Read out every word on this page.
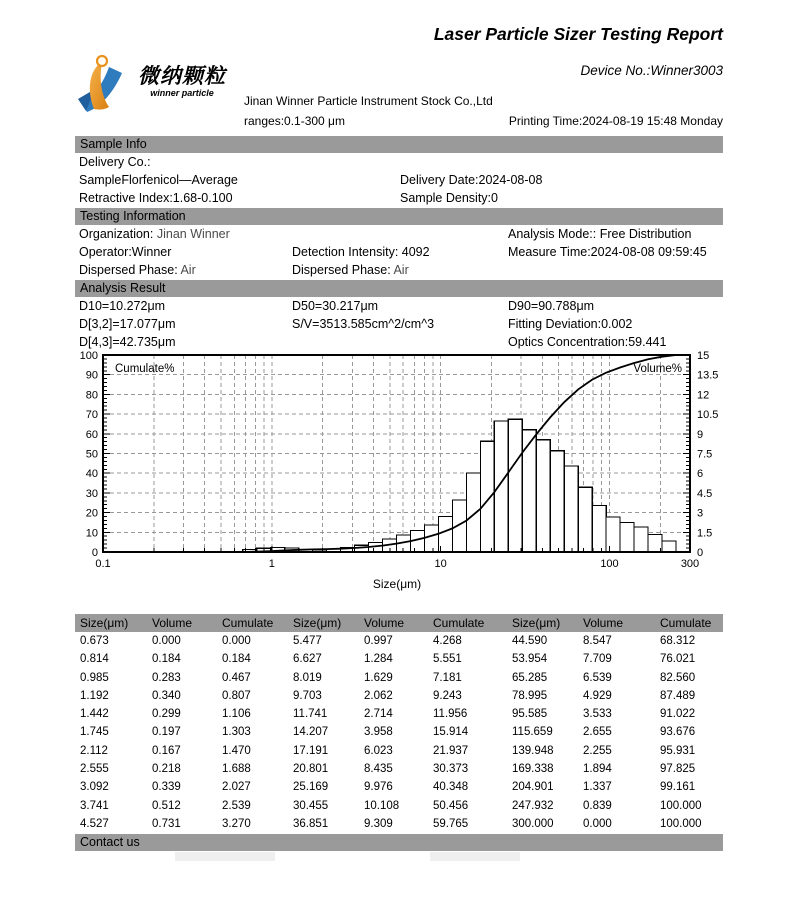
Laser Particle Sizer Testing Report
微纳颗粒
winner particle
Device No.:Winner3003
Jinan Winner Particle Instrument Stock Co.,Ltd
ranges:0.1-300 μm	Printing Time:2024-08-19 15:48 Monday
Sample Info
Delivery Co.:
SampleFlorfenicol—Average	Delivery Date:2024-08-08
Retractive Index:1.68-0.100	Sample Density:0
Testing Information
Organization: Jinan Winner	Analysis Mode:: Free Distribution
Operator:Winner	Detection Intensity: 4092	Measure Time:2024-08-08 09:59:45
Dispersed Phase: Air	Dispersed Phase: Air
Analysis Result
D10=10.272μm	D50=30.217μm	D90=90.788μm
D[3,2]=17.077μm	S/V=3513.585cm^2/cm^3	Fitting Deviation:0.002
D[4,3]=42.735μm	Optics Concentration:59.441
0
10
20
30
40
50
60
70
80
90
100
0
1.5
3
4.5
6
7.5
9
10.5
12
13.5
15
0.1	1	10	100	300
Cumulate%	Volume%
Size(μm)
Size(μm)	Volume	Cumulate	Size(μm)	Volume	Cumulate	Size(μm)	Volume	Cumulate
0.673	0.000	0.000	5.477	0.997	4.268	44.590	8.547	68.312
0.814	0.184	0.184	6.627	1.284	5.551	53.954	7.709	76.021
0.985	0.283	0.467	8.019	1.629	7.181	65.285	6.539	82.560
1.192	0.340	0.807	9.703	2.062	9.243	78.995	4.929	87.489
1.442	0.299	1.106	11.741	2.714	11.956	95.585	3.533	91.022
1.745	0.197	1.303	14.207	3.958	15.914	115.659	2.655	93.676
2.112	0.167	1.470	17.191	6.023	21.937	139.948	2.255	95.931
2.555	0.218	1.688	20.801	8.435	30.373	169.338	1.894	97.825
3.092	0.339	2.027	25.169	9.976	40.348	204.901	1.337	99.161
3.741	0.512	2.539	30.455	10.108	50.456	247.932	0.839	100.000
4.527	0.731	3.270	36.851	9.309	59.765	300.000	0.000	100.000
Contact us
